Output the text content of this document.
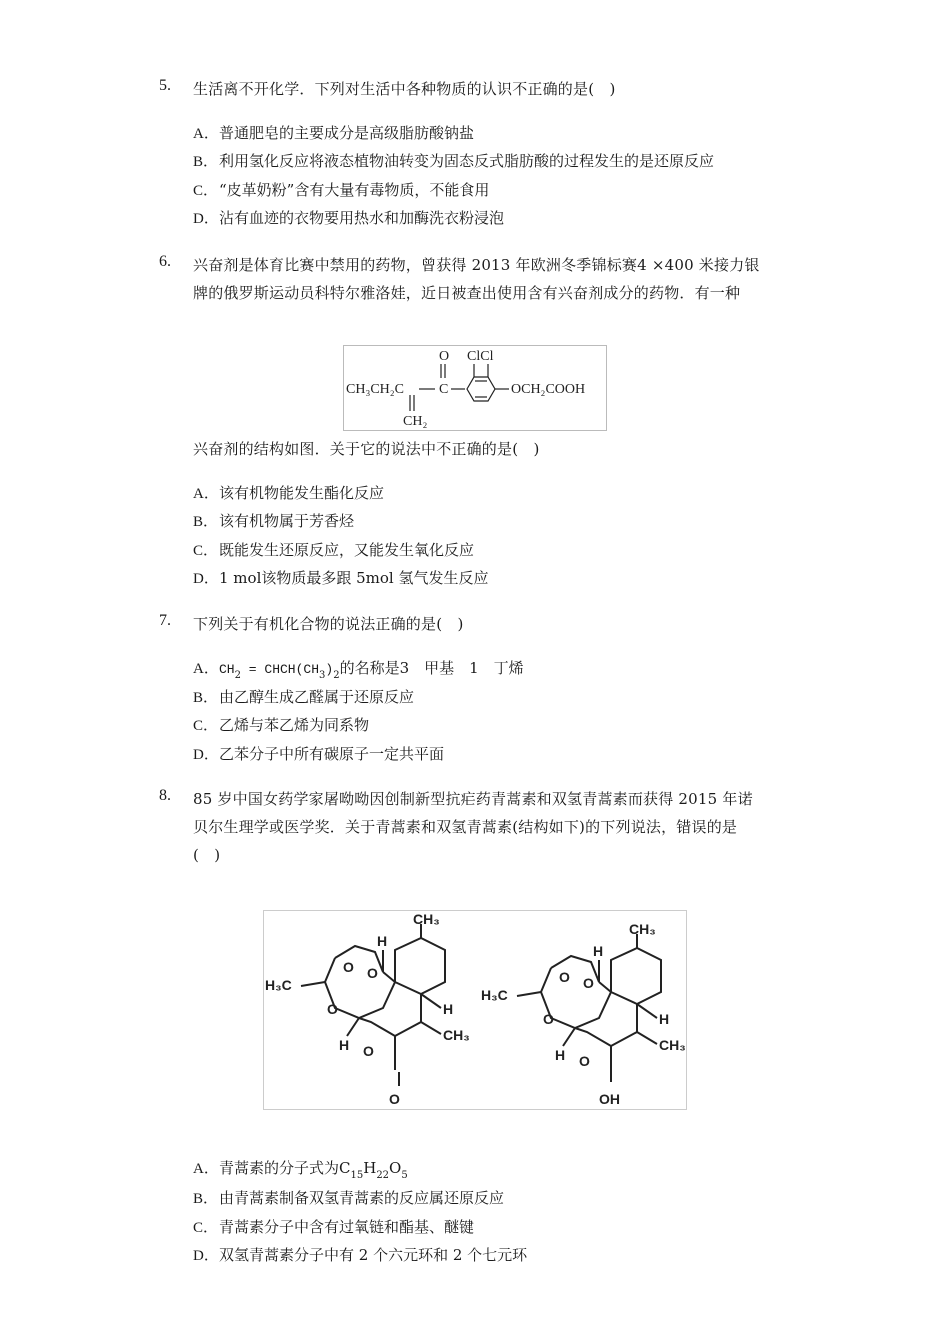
5. 生活离不开化学．下列对生活中各种物质的认识不正确的是(　)
A．普通肥皂的主要成分是高级脂肪酸钠盐
B．利用氢化反应将液态植物油转变为固态反式脂肪酸的过程发生的是还原反应
C．“皮革奶粉”含有大量有毒物质，不能食用
D．沾有血迹的衣物要用热水和加酶洗衣粉浸泡
6. 兴奋剂是体育比赛中禁用的药物，曾获得 2013 年欧洲冬季锦标赛4 ×400 米接力银
牌的俄罗斯运动员科特尔雅洛娃，近日被查出使用含有兴奋剂成分的药物．有一种
CH₃CH₂C
O
C
ClCl
CH₂
OCH₂COOH
兴奋剂的结构如图．关于它的说法中不正确的是(　)
A．该有机物能发生酯化反应
B．该有机物属于芳香烃
C．既能发生还原反应，又能发生氧化反应
D．1 mol该物质最多跟 5mol 氢气发生反应
7. 下列关于有机化合物的说法正确的是(　)
A．$CH_2$ = $CHCH(CH_3)_2$的名称是3　甲基　1　丁烯
B．由乙醇生成乙醛属于还原反应
C．乙烯与苯乙烯为同系物
D．乙苯分子中所有碳原子一定共平面
8. 85 岁中国女药学家屠呦呦因创制新型抗疟药青蒿素和双氢青蒿素而获得 2015 年诺
贝尔生理学或医学奖．关于青蒿素和双氢青蒿素(结构如下)的下列说法，错误的是
(　)
CH₃
H₃C
H
H
H
CH₃
O O
O
O
O
CH₃
H₃C
H
H
H
CH₃
O O
O
O
OH
A．青蒿素的分子式为$C_{15}H_{22}O_5$
B．由青蒿素制备双氢青蒿素的反应属还原反应
C．青蒿素分子中含有过氧链和酯基、醚键
D．双氢青蒿素分子中有 2 个六元环和 2 个七元环
